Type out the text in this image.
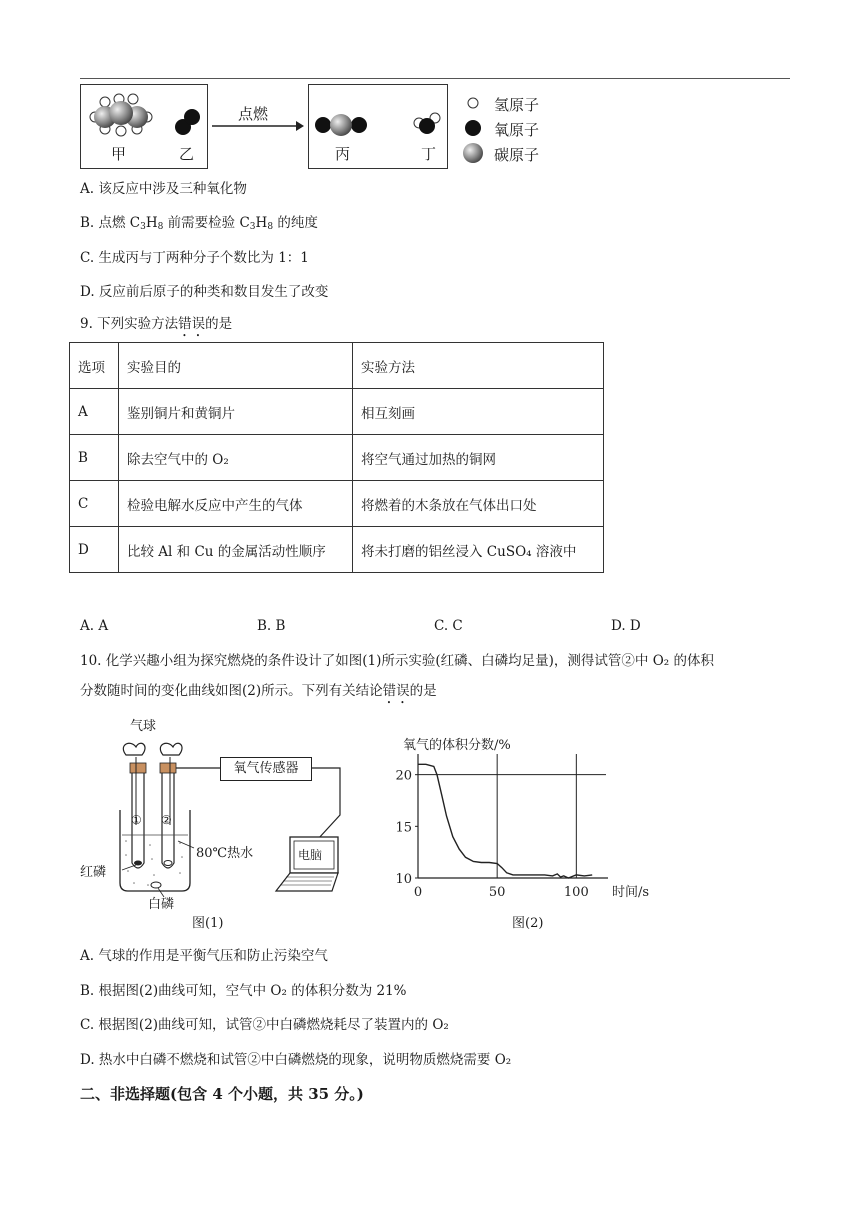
甲	乙
点燃
丙	丁
氢原子
氧原子
碳原子
A. 该反应中涉及三种氧化物
B. 点燃 $C_3H_8$ 前需要检验 $C_3H_8$ 的纯度
C. 生成丙与丁两种分子个数比为 1：1
D. 反应前后原子的种类和数目发生了改变
9. 下列实验方法错误的是
选项	实验目的	实验方法
A	鉴别铜片和黄铜片	相互刻画
B	除去空气中的 O₂	将空气通过加热的铜网
C	检验电解水反应中产生的气体	将燃着的木条放在气体出口处
D	比较 Al 和 Cu 的金属活动性顺序	将未打磨的铝丝浸入 CuSO₄ 溶液中
A. A	B. B	C. C	D. D
10. 化学兴趣小组为探究燃烧的条件设计了如图(1)所示实验(红磷、白磷均足量)，测得试管②中 O₂ 的体积
分数随时间的变化曲线如图(2)所示。下列有关结论错误的是
气球
氧气传感器
① ②
80℃热水
红磷
白磷
电脑
图(1)
氧气的体积分数/%
10
15
20
0	50	100 时间/s
图(2)
A. 气球的作用是平衡气压和防止污染空气
B. 根据图(2)曲线可知，空气中 O₂ 的体积分数为 21%
C. 根据图(2)曲线可知，试管②中白磷燃烧耗尽了装置内的 O₂
D. 热水中白磷不燃烧和试管②中白磷燃烧的现象，说明物质燃烧需要 O₂
二、非选择题(包含 4 个小题，共 35 分。)
